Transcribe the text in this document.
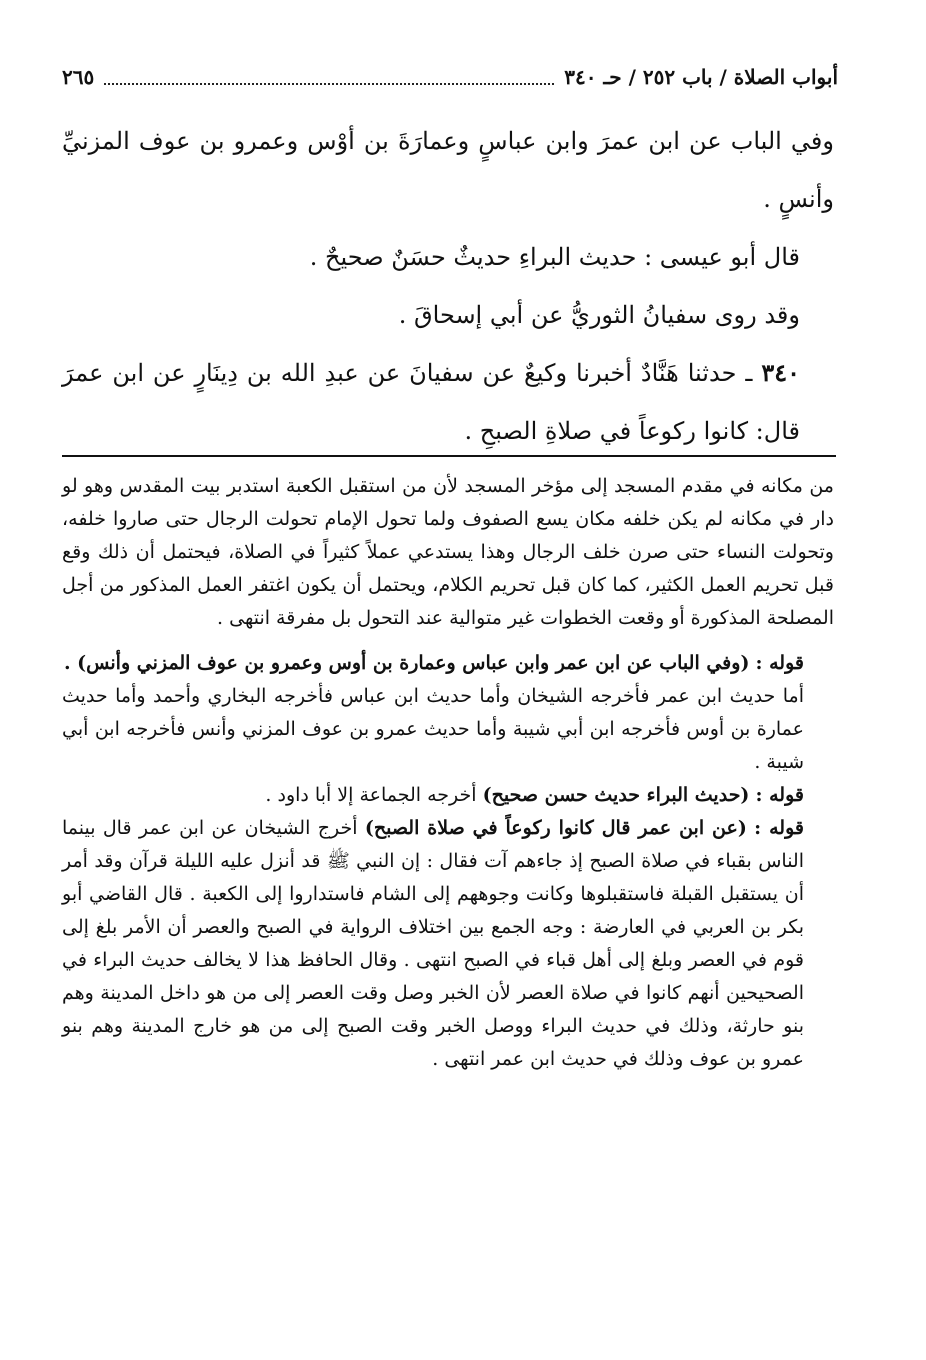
أبواب الصلاة / باب ٢٥٢ / حـ ٣٤٠
٢٦٥

وفي الباب عن ابن عمرَ وابن عباسٍ وعمارَةَ بن أوْس وعمرو بن عوف المزنيِّ وأنسٍ .

قال أبو عيسى : حديث البراءِ حديثٌ حسَنٌ صحيحٌ .

وقد روى سفيانُ الثوريُّ عن أبي إسحاقَ .

٣٤٠ ـ حدثنا هَنَّادٌ أخبرنا وكيعٌ عن سفيانَ عن عبدِ الله بن دِينَارٍ عن ابن عمرَ قال: كانوا ركوعاً في صلاةِ الصبحِ .

من مكانه في مقدم المسجد إلى مؤخر المسجد لأن من استقبل الكعبة استدبر بيت المقدس وهو لو دار في مكانه لم يكن خلفه مكان يسع الصفوف ولما تحول الإمام تحولت الرجال حتى صاروا خلفه، وتحولت النساء حتى صرن خلف الرجال وهذا يستدعي عملاً كثيراً في الصلاة، فيحتمل أن ذلك وقع قبل تحريم العمل الكثير، كما كان قبل تحريم الكلام، ويحتمل أن يكون اغتفر العمل المذكور من أجل المصلحة المذكورة أو وقعت الخطوات غير متوالية عند التحول بل مفرقة انتهى .

قوله : (وفي الباب عن ابن عمر وابن عباس وعمارة بن أوس وعمرو بن عوف المزني وأنس) .

أما حديث ابن عمر فأخرجه الشيخان وأما حديث ابن عباس فأخرجه البخاري وأحمد وأما حديث عمارة بن أوس فأخرجه ابن أبي شيبة وأما حديث عمرو بن عوف المزني وأنس فأخرجه ابن أبي شيبة .

قوله : (حديث البراء حديث حسن صحيح) أخرجه الجماعة إلا أبا داود .

قوله : (عن ابن عمر قال كانوا ركوعاً في صلاة الصبح) أخرج الشيخان عن ابن عمر قال بينما الناس بقباء في صلاة الصبح إذ جاءهم آت فقال : إن النبي ﷺ قد أنزل عليه الليلة قرآن وقد أمر أن يستقبل القبلة فاستقبلوها وكانت وجوههم إلى الشام فاستداروا إلى الكعبة . قال القاضي أبو بكر بن العربي في العارضة : وجه الجمع بين اختلاف الرواية في الصبح والعصر أن الأمر بلغ إلى قوم في العصر وبلغ إلى أهل قباء في الصبح انتهى . وقال الحافظ هذا لا يخالف حديث البراء في الصحيحين أنهم كانوا في صلاة العصر لأن الخبر وصل وقت العصر إلى من هو داخل المدينة وهم بنو حارثة، وذلك في حديث البراء ووصل الخبر وقت الصبح إلى من هو خارج المدينة وهم بنو عمرو بن عوف وذلك في حديث ابن عمر انتهى .
